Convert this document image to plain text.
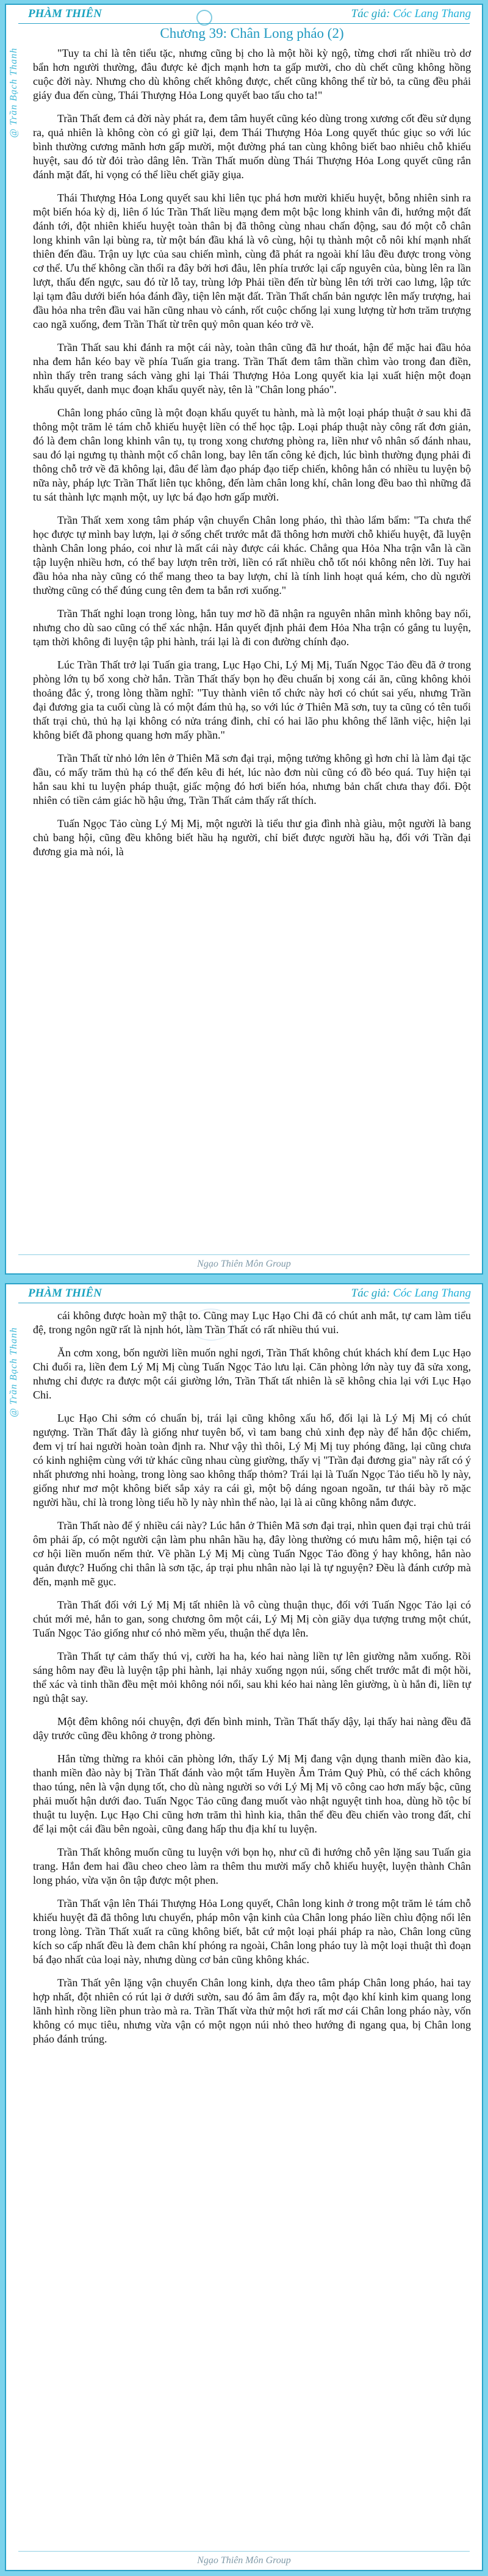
PHÀM THIÊN	Tác giả: Cóc Lang Thang
@ Trần Bạch Thanh
Chương 39: Chân Long pháo (2)

"Tuy ta chỉ là tên tiểu tặc, nhưng cũng bị cho là một hồi kỳ ngộ, từng chơi rất nhiều trò dơ bẩn hơn người thường, đâu được kẻ địch mạnh hơn ta gấp mười, cho dù chết cũng không hồng cuộc đời này. Nhưng cho dù không chết không được, chết cũng không thể từ bỏ, ta cũng đều phải giáy đua đến cùng, Thái Thượng Hỏa Long quyết bao tấu cho ta!"

Trần Thất đem cả đời này phát ra, đem tâm huyết cũng kéo dùng trong xương cốt đều sử dụng ra, quả nhiên là không còn có gì giữ lại, đem Thái Thượng Hỏa Long quyết thúc giục so với lúc bình thường cương mãnh hơn gấp mười, một đường phá tan cùng không biết bao nhiêu chỗ khiếu huyệt, sau đó từ đỏi trào dâng lên. Trần Thất muốn dùng Thái Thượng Hỏa Long quyết cũng rắn đánh mặt đất, hi vọng có thể liều chết giãy giụa.

Thái Thượng Hỏa Long quyết sau khi liên tục phá hơn mười khiếu huyệt, bỗng nhiên sinh ra một biến hóa kỳ dị, liên ổ lúc Trần Thất liều mạng đem một bậc long khinh vân đi, hướng một đất đánh tới, đột nhiên khiếu huyệt toàn thân bị đã thông cùng nhau chấn động, sau đó một cỗ chân long khinh vân lại bùng ra, từ một bán đầu khá là vô cùng, hội tụ thành một cỗ nôi khí mạnh nhất thiên đến đầu. Trận uy lực của sau chiến mình, cùng đã phát ra ngoài khí lâu đều được trong vòng cơ thể. Ưu thế không cần thổi ra đây bởi hơi đâu, lên phía trước lại cấp nguyên của, bùng lên ra lần lượt, thấu đến ngực, sau đó từ lỗ tay, trùng lớp Phải tiền đến từ bùng lên tới trời cao lưng, lập tức lại tạm đâu dưới biến hóa đánh đầy, tiện lên mặt đất. Trần Thất chấn bản ngược lên mấy trượng, hai đầu hỏa nha trên đầu vai hãn cũng nhau vò cánh, rốt cuộc chống lại xung lượng từ hơn trăm trượng cao ngã xuống, đem Trần Thất từ trên quỷ môn quan kéo trở về.

Trần Thất sau khi đánh ra một cái này, toàn thân cũng đã hư thoát, hận để mặc hai đầu hỏa nha đem hắn kéo bay về phía Tuấn gia trang. Trần Thất đem tâm thần chìm vào trong đan điền, nhìn thấy trên trang sách vàng ghi lại Thái Thượng Hỏa Long quyết kia lại xuất hiện một đoạn khẩu quyết, danh mục đoạn khẩu quyết này, tên là "Chân long pháo".

Chân long pháo cũng là một đoạn khẩu quyết tu hành, mà là một loại pháp thuật ở sau khi đã thông một trăm lẻ tám chỗ khiếu huyệt liền có thể học tập. Loại pháp thuật này công rất đơn giản, đó là đem chân long khinh vân tụ, tụ trong xong chương phòng ra, liền như vô nhân số đánh nhau, sau đó lại ngưng tụ thành một cổ chân long, bay lên tấn công kẻ địch, lúc bình thường đụng phải đi thông chỗ trở về đã không lại, đâu để làm đạo pháp đạo tiếp chiến, không hẳn có nhiều tu luyện bộ nữa này, pháp lực Trần Thất liên tục không, đến làm chân long khí, chân long đều bao thì những đã tu sát thành lực mạnh một, uy lực bá đạo hơn gấp mười.

Trần Thất xem xong tâm pháp vận chuyển Chân long pháo, thì thào lẩm bẩm: "Ta chưa thể học được tự mình bay lượn, lại ở sống chết trước mắt đã thông hơn mười chỗ khiếu huyệt, đã luyện thành Chân long pháo, coi như là mất cái này được cái khác. Chẳng qua Hỏa Nha trận vẫn là cần tập luyện nhiều hơn, có thể bay lượn trên trời, liền có rất nhiều chỗ tốt nói không nên lời. Tuy hai đầu hỏa nha này cũng có thể mang theo ta bay lượn, chỉ là tính linh hoạt quá kém, cho dù người thường cũng có thể đúng cung tên đem ta bắn rơi xuống."

Trần Thất nghỉ loạn trong lòng, hắn tuy mơ hồ đã nhận ra nguyên nhân mình không bay nổi, nhưng cho dù sao cũng có thể xác nhận. Hắn quyết định phải đem Hỏa Nha trận có gắng tu luyện, tạm thời không đi luyện tập phi hành, trái lại là đi con đường chính đạo.

Lúc Trần Thất trở lại Tuấn gia trang, Lục Hạo Chi, Lý Mị Mị, Tuấn Ngọc Tảo đều đã ở trong phòng lớn tụ bổ xong chờ hắn. Trần Thất thấy bọn họ đều chuẩn bị xong cái ăn, cũng không khỏi thoảng đắc ý, trong lòng thầm nghĩ: "Tuy thành viên tổ chức này hơi có chút sai yếu, nhưng Trần đại đương gia ta cuối cùng là có một đám thủ hạ, so với lúc ở Thiên Mã sơn, tuy ta cũng có tên tuổi thất trại chủ, thủ hạ lại không có nửa tráng đinh, chỉ có hai lão phu không thể lãnh việc, hiện lại không biết đã phong quang hơn mấy phần."

Trần Thất từ nhỏ lớn lên ở Thiên Mã sơn đại trại, mộng tưởng không gì hơn chỉ là làm đại tặc đầu, có mấy trăm thủ hạ có thể đến kêu đi hét, lúc nào đơn nùi cũng có đồ béo quá. Tuy hiện tại hắn sau khi tu luyện pháp thuật, giấc mộng đó hơi biến hóa, nhưng bản chất chưa thay đổi. Đột nhiên có tiền cảm giác hồ hậu ứng, Trần Thất cảm thấy rất thích.

Tuấn Ngọc Tảo cùng Lý Mị Mị, một người là tiểu thư gia đình nhà giàu, một người là bang chủ bang hội, cũng đều không biết hầu hạ người, chỉ biết được người hầu hạ, đổi với Trần đại đương gia mà nói, là

Ngạo Thiên Môn Group
PHÀM THIÊN	Tác giả: Cóc Lang Thang
@ Trần Bạch Thanh

cái không được hoàn mỹ thật to. Cũng may Lục Hạo Chi đã có chút anh mắt, tự cam làm tiểu đệ, trong ngôn ngữ rất là nịnh hót, làm Trần Thất có rất nhiều thú vui.

Ăn cơm xong, bốn người liền muốn nghỉ ngơi, Trần Thất không chút khách khí đem Lục Hạo Chi đuổi ra, liền đem Lý Mị Mị cùng Tuấn Ngọc Tảo lưu lại. Căn phòng lớn này tuy đã sửa xong, nhưng chỉ được ra được một cái giường lớn, Trần Thất tất nhiên là sẽ không chia lại với Lục Hạo Chi.

Lục Hạo Chi sớm có chuẩn bị, trái lại cũng không xấu hổ, đối lại là Lý Mị Mị có chút ngượng. Trần Thất đây là giống như tuyên bố, vì tam bang chủ xinh đẹp này để hắn độc chiếm, đem vị trí hai người hoàn toàn định ra. Như vậy thì thôi, Lý Mị Mị tuy phóng đãng, lại cũng chưa có kinh nghiệm cùng với tử khác cũng nhau cùng giường, thấy vị "Trần đại đương gia" này rất có ý nhất phương nhi hoàng, trong lòng sao không thấp thỏm? Trái lại là Tuấn Ngọc Tảo tiểu hồ ly này, giống như mơ một không biết sắp xảy ra cái gì, một bộ dáng ngoan ngoãn, tư thái bày rõ mặc người hầu, chỉ là trong lòng tiểu hồ ly này nhìn thể nào, lại là ai cũng không nắm được.

Trần Thất nào để ý nhiều cái này? Lúc hắn ở Thiên Mã sơn đại trại, nhìn quen đại trại chủ trái ôm phải ấp, có một người cận làm phu nhân hầu hạ, đây lòng thường có mưu hâm mộ, hiện tại có cơ hội liền muốn nếm thử. Về phần Lý Mị Mị cùng Tuấn Ngọc Tảo đồng ý hay không, hắn nào quản được? Huống chi thân là sơn tặc, áp trại phu nhân nào lại là tự nguyện? Đều là đánh cướp mà đến, mạnh mẽ gục.

Trần Thất đối với Lý Mị Mị tất nhiên là vô cùng thuận thục, đối với Tuấn Ngọc Tảo lại có chút mới mẻ, hắn to gan, song chương ôm một cái, Lý Mị Mị còn giãy dụa tượng trưng một chút, Tuấn Ngọc Tảo giống như có nhỏ mềm yếu, thuận thế dựa lên.

Trần Thất tự cảm thấy thú vị, cười ha ha, kéo hai nàng liền tự lên giường nằm xuống. Rồi sáng hôm nay đều là luyện tập phi hành, lại nhảy xuống ngọn núi, sống chết trước mắt đi một hồi, thể xác và tinh thần đều mệt mỏi không nói nổi, sau khi kéo hai nàng lên giường, ù ù hắn đi, liền tự ngủ thật say.

Một đêm không nói chuyện, đợi đến bình minh, Trần Thất thấy dậy, lại thấy hai nàng đều đã dậy trước cũng đều không ở trong phòng.

Hắn từng thừng ra khỏi căn phòng lớn, thấy Lý Mị Mị đang vận dụng thanh miền đào kia, thanh miền đào này bị Trần Thất đánh vào một tấm Huyền Âm Trảm Quỷ Phù, có thể cách không thao túng, nên là vận dụng tốt, cho dù nàng người so với Lý Mị Mị võ công cao hơn mấy bậc, cũng phải muốt hận dưới đao. Tuấn Ngọc Tảo cũng đang muốt vào nhật nguyệt tinh hoa, dùng hồ tộc bí thuật tu luyện. Lục Hạo Chi cũng hơn trăm thì hình kia, thân thể đều đều chiến vào trong đất, chỉ để lại một cái đầu bên ngoài, cũng đang hấp thu địa khí tu luyện.

Trần Thất không muốn cũng tu luyện với bọn họ, như cũ đi hướng chỗ yên lặng sau Tuấn gia trang. Hắn đem hai đầu cheo cheo làm ra thêm thu mười mấy chỗ khiếu huyệt, luyện thành Chân long pháo, vừa vặn ôn tập được một phen.

Trần Thất vận lên Thái Thượng Hỏa Long quyết, Chân long kinh ở trong một trăm lẻ tám chỗ khiếu huyệt đã đã thông lưu chuyển, pháp môn vận kinh của Chân long pháo liền chìu động nổi lên trong lòng. Trần Thất xuất ra cũng không biết, bắt cứ một loại phái pháp ra nào, Chân long cũng kích so cấp nhất đều là đem chân khí phóng ra ngoài, Chân long pháo tuy là một loại thuật thì đoạn bá đạo nhất của loại này, nhưng dùng cơ bản cũng không khác.

Trần Thất yên lặng vận chuyển Chân long kinh, dựa theo tâm pháp Chân long pháo, hai tay hợp nhất, đột nhiên có rút lại ở dưới sườn, sau đó âm âm đẩy ra, một đạo khí kinh kim quang long lãnh hình rồng liền phun trào mà ra. Trần Thất vừa thử một hơi rất mơ cái Chân long pháo này, vốn không có mục tiêu, nhưng vừa vận có một ngọn núi nhỏ theo hướng đi ngang qua, bị Chân long pháo đánh trúng.

Ngạo Thiên Môn Group
